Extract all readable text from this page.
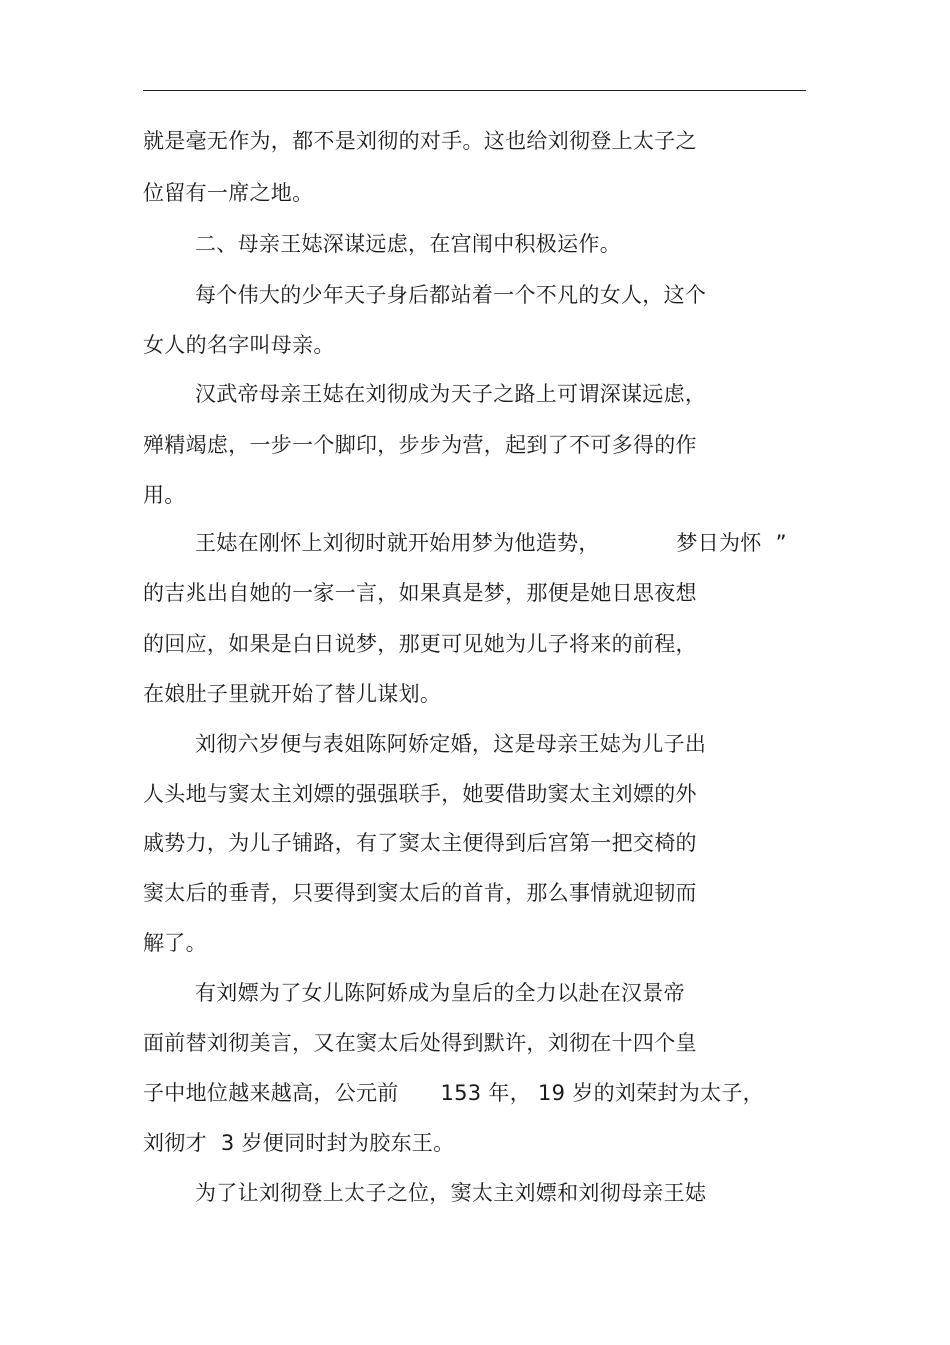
就是毫无作为，都不是刘彻的对手。这也给刘彻登上太子之
位留有一席之地。
二、母亲王娡深谋远虑，在宫闱中积极运作。
每个伟大的少年天子身后都站着一个不凡的女人，这个
女人的名字叫母亲。
汉武帝母亲王娡在刘彻成为天子之路上可谓深谋远虑，
殚精竭虑，一步一个脚印，步步为营，起到了不可多得的作
用。
王娡在刚怀上刘彻时就开始用梦为他造势，           梦日为怀  ”
的吉兆出自她的一家一言，如果真是梦，那便是她日思夜想
的回应，如果是白日说梦，那更可见她为儿子将来的前程，
在娘肚子里就开始了替儿谋划。
刘彻六岁便与表姐陈阿娇定婚，这是母亲王娡为儿子出
人头地与窦太主刘嫖的强强联手，她要借助窦太主刘嫖的外
戚势力，为儿子铺路，有了窦太主便得到后宫第一把交椅的
窦太后的垂青，只要得到窦太后的首肯，那么事情就迎韧而
解了。
有刘嫖为了女儿陈阿娇成为皇后的全力以赴在汉景帝
面前替刘彻美言，又在窦太后处得到默许，刘彻在十四个皇
子中地位越来越高，公元前      153 年， 19 岁的刘荣封为太子，
刘彻才  3 岁便同时封为胶东王。
为了让刘彻登上太子之位，窦太主刘嫖和刘彻母亲王娡
